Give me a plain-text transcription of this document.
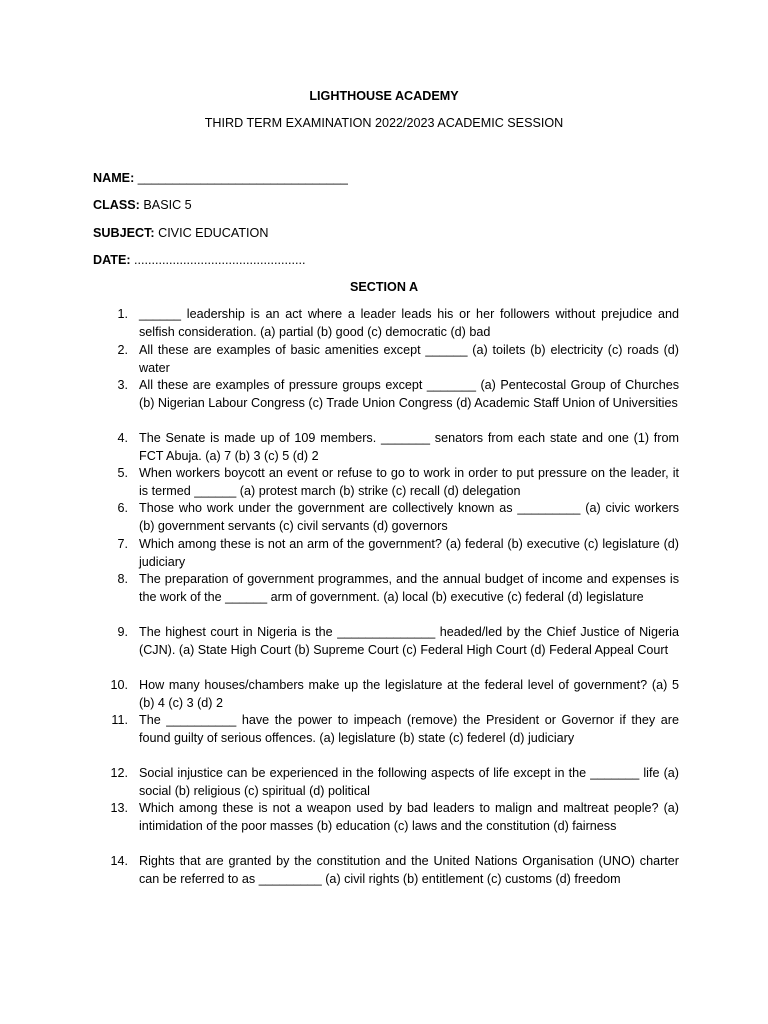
LIGHTHOUSE ACADEMY
THIRD TERM EXAMINATION 2022/2023 ACADEMIC SESSION
NAME: ______________________________
CLASS: BASIC 5
SUBJECT: CIVIC EDUCATION
DATE: .................................................
SECTION A
1. ______ leadership is an act where a leader leads his or her followers without prejudice and selfish consideration. (a) partial (b) good (c) democratic (d) bad
2. All these are examples of basic amenities except ______ (a) toilets (b) electricity (c) roads (d) water
3. All these are examples of pressure groups except _______ (a) Pentecostal Group of Churches (b) Nigerian Labour Congress (c) Trade Union Congress (d) Academic Staff Union of Universities
4. The Senate is made up of 109 members. _______ senators from each state and one (1) from FCT Abuja. (a) 7 (b) 3 (c) 5 (d) 2
5. When workers boycott an event or refuse to go to work in order to put pressure on the leader, it is termed ______ (a) protest march (b) strike (c) recall (d) delegation
6. Those who work under the government are collectively known as _________ (a) civic workers (b) government servants (c) civil servants (d) governors
7. Which among these is not an arm of the government? (a) federal (b) executive (c) legislature (d) judiciary
8. The preparation of government programmes, and the annual budget of income and expenses is the work of the ______ arm of government. (a) local (b) executive (c) federal (d) legislature
9. The highest court in Nigeria is the ______________ headed/led by the Chief Justice of Nigeria (CJN). (a) State High Court (b) Supreme Court (c) Federal High Court (d) Federal Appeal Court
10. How many houses/chambers make up the legislature at the federal level of government? (a) 5 (b) 4 (c) 3 (d) 2
11. The __________ have the power to impeach (remove) the President or Governor if they are found guilty of serious offences. (a) legislature (b) state (c) federel (d) judiciary
12. Social injustice can be experienced in the following aspects of life except in the _______ life (a) social (b) religious (c) spiritual (d) political
13. Which among these is not a weapon used by bad leaders to malign and maltreat people? (a) intimidation of the poor masses (b) education (c) laws and the constitution (d) fairness
14. Rights that are granted by the constitution and the United Nations Organisation (UNO) charter can be referred to as _________ (a) civil rights (b) entitlement (c) customs (d) freedom
